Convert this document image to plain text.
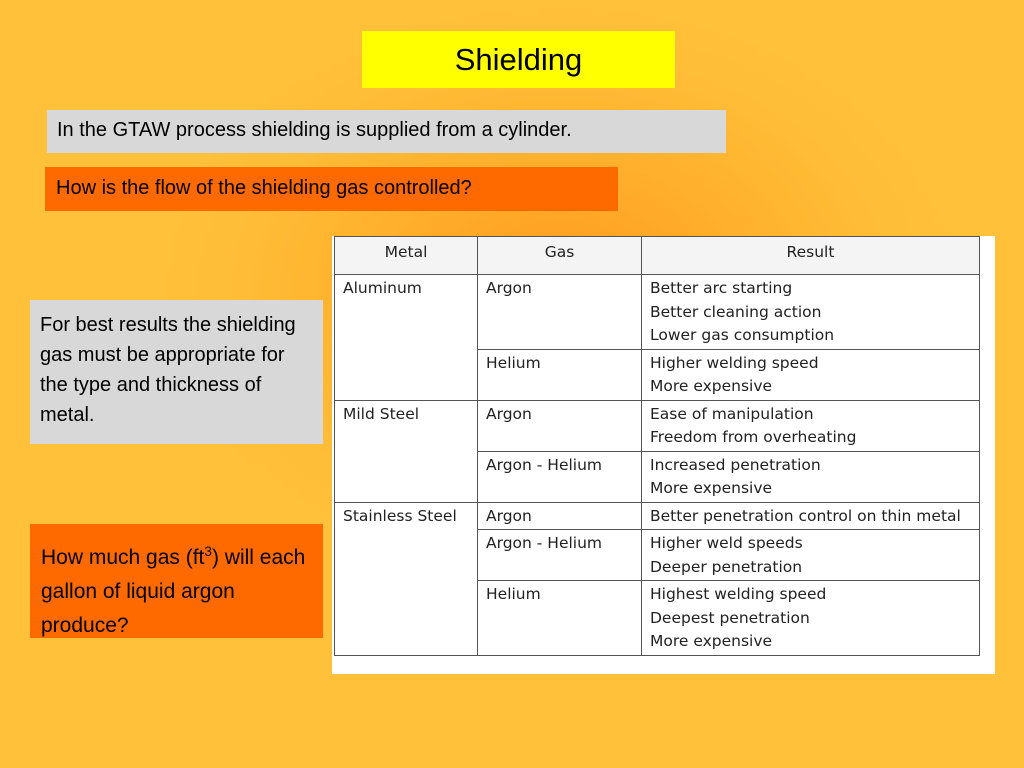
Shielding
In the GTAW process shielding is supplied from a cylinder.
How is the flow of the shielding gas controlled?
For best results the shielding gas must be appropriate for the type and thickness of metal.
How much gas $(ft^3)$ will each gallon of liquid argon produce?
Metal	Gas	Result
Aluminum	Argon	Better arc starting
Better cleaning action
Lower gas consumption

	Helium	Higher welding speed
More expensive

Mild Steel	Argon	Ease of manipulation
Freedom from overheating

	Argon - Helium	Increased penetration
More expensive

Stainless Steel	Argon	Better penetration control on thin metal

	Argon - Helium	Higher weld speeds
Deeper penetration

	Helium	Highest welding speed
Deepest penetration
More expensive
